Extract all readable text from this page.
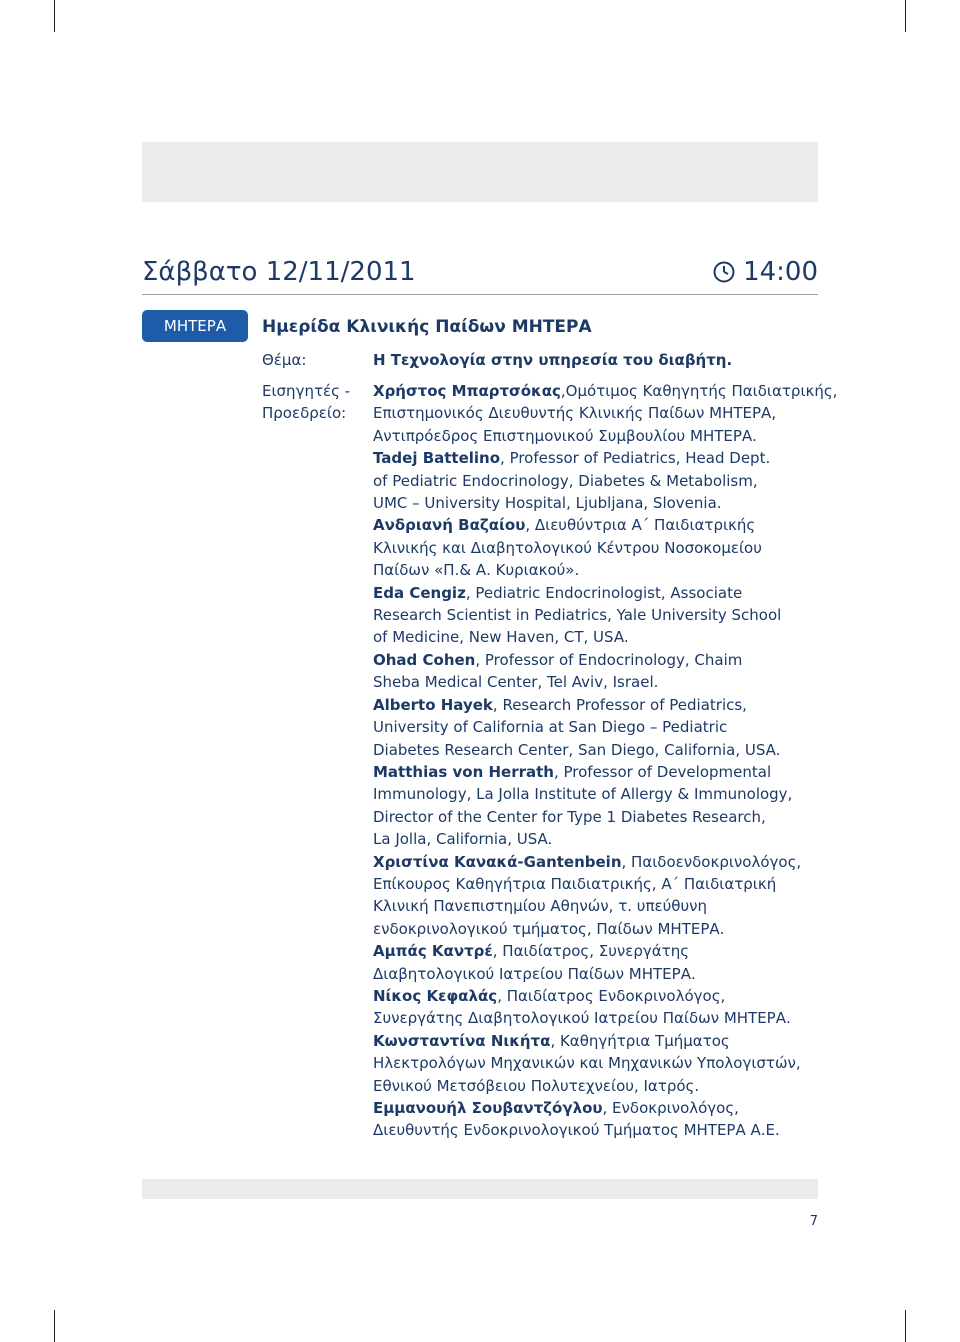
Σάββατο 12/11/2011	14:00
ΜΗΤΕΡΑ	Ημερίδα Κλινικής Παίδων ΜΗΤΕΡΑ
Θέμα:	Η Τεχνολογία στην υπηρεσία του διαβήτη.
Εισηγητές -
Προεδρείο:
Χρήστος Μπαρτσόκας,Ομότιμος Καθηγητής Παιδιατρικής,
Επιστημονικός Διευθυντής Κλινικής Παίδων ΜΗΤΕΡΑ,
Αντιπρόεδρος Επιστημονικού Συμβουλίου ΜΗΤΕΡΑ.
Tadej Battelino, Professor of Pediatrics, Head Dept.
of Pediatric Endocrinology, Diabetes & Metabolism,
UMC – University Hospital, Ljubljana, Slovenia.
Ανδριανή Βαζαίου, Διευθύντρια Α΄ Παιδιατρικής
Κλινικής και Διαβητολογικού Κέντρου Νοσοκομείου
Παίδων «Π.& Α. Κυριακού».
Eda Cengiz, Pediatric Endocrinologist, Associate
Research Scientist in Pediatrics, Yale University School
of Medicine, New Haven, CT, USA.
Ohad Cohen, Professor of Endocrinology, Chaim
Sheba Medical Center, Tel Aviv, Israel.
Alberto Hayek, Research Professor of Pediatrics,
University of California at San Diego – Pediatric
Diabetes Research Center, San Diego, California, USA.
Matthias von Herrath, Professor of Developmental
Immunology, La Jolla Institute of Allergy & Immunology,
Director of the Center for Type 1 Diabetes Research,
La Jolla, California, USA.
Χριστίνα Κανακά-Gantenbein, Παιδοενδοκρινολόγος,
Επίκουρος Καθηγήτρια Παιδιατρικής, Α΄ Παιδιατρική
Κλινική Πανεπιστημίου Αθηνών, τ. υπεύθυνη
ενδοκρινολογικού τμήματος, Παίδων ΜΗΤΕΡΑ.
Αμπάς Καντρέ, Παιδίατρος, Συνεργάτης
Διαβητολογικού Ιατρείου Παίδων ΜΗΤΕΡΑ.
Νίκος Κεφαλάς, Παιδίατρος Ενδοκρινολόγος,
Συνεργάτης Διαβητολογικού Ιατρείου Παίδων ΜΗΤΕΡΑ.
Κωνσταντίνα Νικήτα, Καθηγήτρια Τμήματος
Ηλεκτρολόγων Μηχανικών και Μηχανικών Υπολογιστών,
Εθνικού Μετσόβειου Πολυτεχνείου, Ιατρός.
Εμμανουήλ Σουβαντζόγλου, Ενδοκρινολόγος,
Διευθυντής Ενδοκρινολογικού Τμήματος ΜΗΤΕΡΑ Α.Ε.
7
